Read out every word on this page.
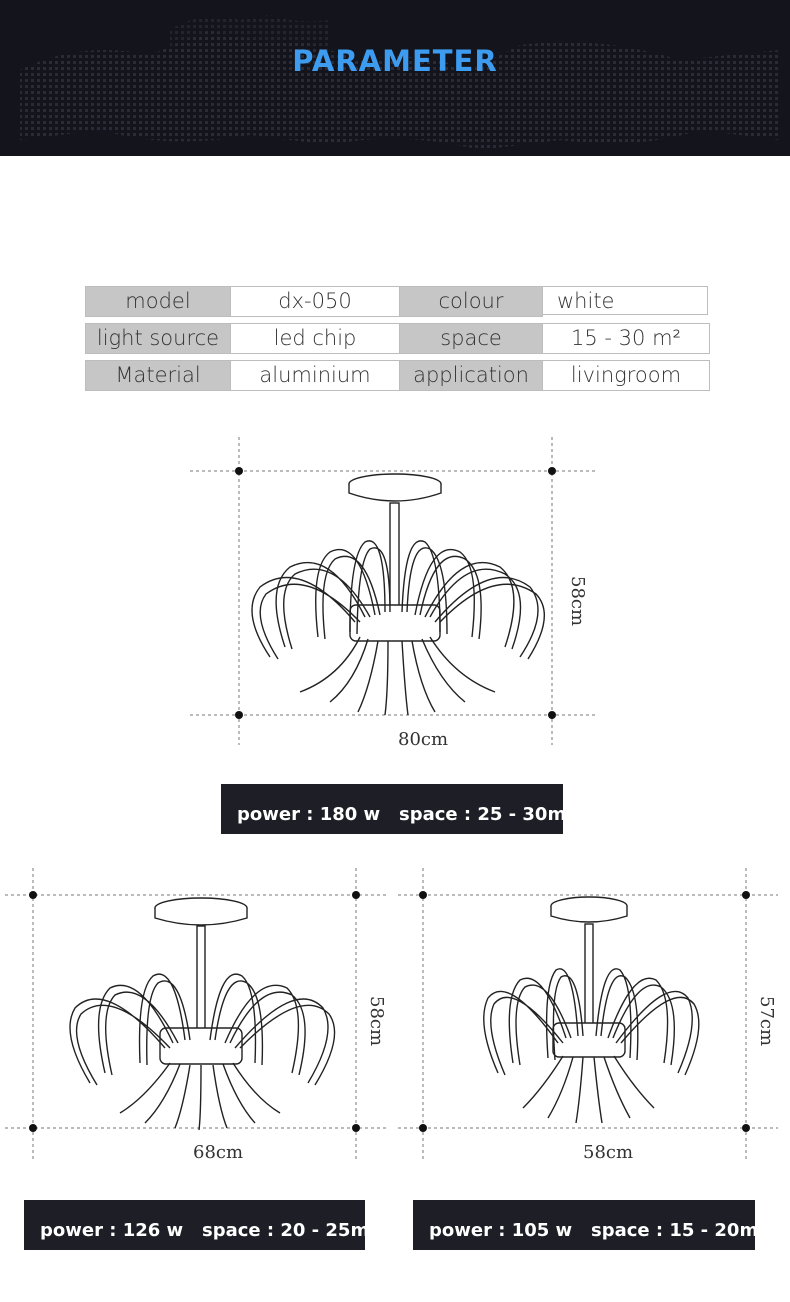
PARAMETER
model	dx-050	colour	white
light source	led chip	space	15 - 30 m²
Material	aluminium	application	livingroom
80cm
58cm
power : 180 w space : 25 - 30m $^{^2}$
68cm
58cm
power : 126 w space : 20 - 25m $^{^2}$
58cm
57cm
power : 105 w space : 15 - 20m $^{^2}$
